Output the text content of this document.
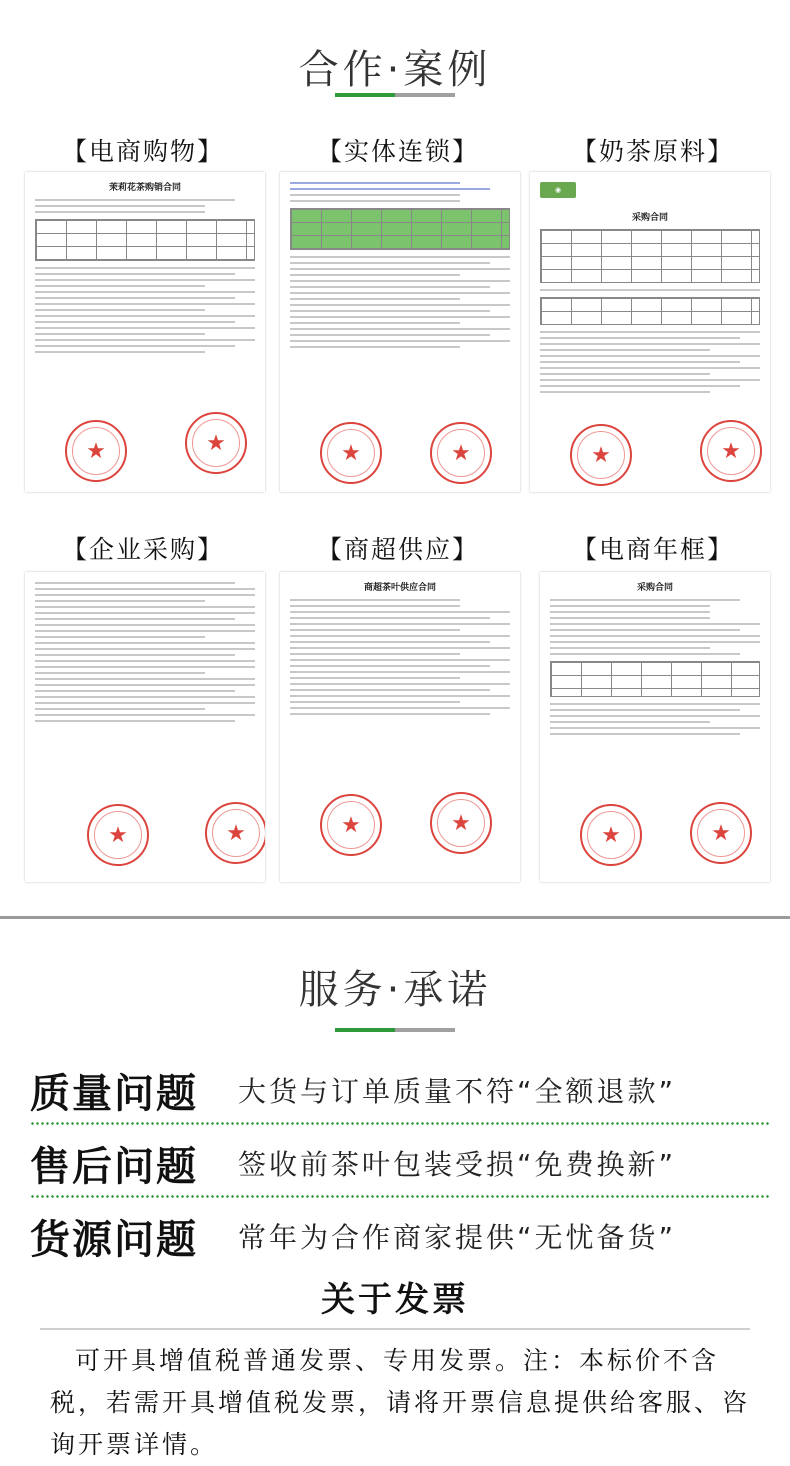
合作·案例
【电商购物】	【实体连锁】	【奶茶原料】
茉莉花茶购销合同
★	★	★	★
◉
采购合同
★	★
【企业采购】	【商超供应】	【电商年框】
★	★
商超茶叶供应合同
★	★
采购合同
★	★
服务·承诺
质量问题	大货与订单质量不符“全额退款”
售后问题	签收前茶叶包装受损“免费换新”
货源问题	常年为合作商家提供“无忧备货”
关于发票
可开具增值税普通发票、专用发票。注：本标价不含税，若需开具增值税发票，请将开票信息提供给客服、咨询开票详情。
